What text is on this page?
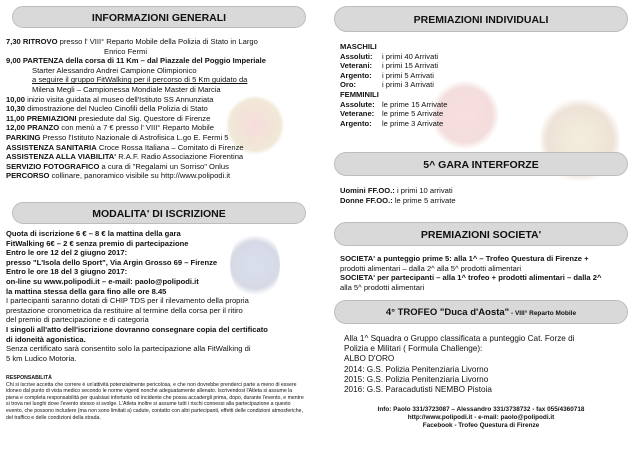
INFORMAZIONI GENERALI
7,30 RITROVO presso l' VIII° Reparto Mobile della Polizia di Stato in Largo
Enrico Fermi
9,00 PARTENZA della corsa di 11 Km – dal Piazzale del Poggio Imperiale
Starter Alessandro Andrei Campione Olimpionico
a seguire il gruppo FitWalking per il percorso di 5 Km guidato da
Milena Megli – Campionessa Mondiale Master di Marcia
10,00 inizio visita guidata al museo dell'Istituto SS Annunziata
10,30 dimostrazione del Nucleo Cinofili della Polizia di Stato
11,00 PREMIAZIONI presiedute dal Sig. Questore di Firenze
12,00 PRANZO con menù a 7 € presso l' VIII° Reparto Mobile
PARKING Presso l'Istituto Nazionale di Astrofisica L.go E. Fermi 5
ASSISTENZA SANITARIA Croce Rossa Italiana – Comitato di Firenze
ASSISTENZA ALLA VIABILITA' R.A.F. Radio Associazione Fiorentina
SERVIZIO FOTOGRAFICO a cura di "Regalami un Sorriso" Onlus
PERCORSO collinare, panoramico visibile su http://www.polipodi.it
MODALITA' DI ISCRIZIONE
Quota di iscrizione 6 € – 8 € la mattina della gara
FitWalking 6€ – 2 € senza premio di partecipazione
Entro le ore 12 del 2 giugno 2017:
presso "L'Isola dello Sport", Via Argin Grosso 69 – Firenze
Entro le ore 18 del 3 giugno 2017:
on-line su www.polipodi.it – e-mail: paolo@polipodi.it
la mattina stessa della gara fino alle ore 8.45
I partecipanti saranno dotati di CHIP TDS per il rilevamento della propria
prestazione cronometrica da restituire al termine della corsa per il ritiro
del premio di partecipazione e di categoria
I singoli all'atto dell'iscrizione dovranno consegnare copia del certificato
di idoneità agonistica.
Senza certificato sarà consentito solo la partecipazione alla FitWalking di
5 km Ludico Motoria.
RESPONSABILITÀ
Chi si iscrive accetta che correre è un'attività potenzialmente pericolosa, e che non dovrebbe prenderci parte a meno di essere idoneo dal punto di vista medico secondo le norme vigenti nonché adeguatamente allenato. Iscrivendosi l'Atleta si assume la piena e completa responsabilità per qualsiasi infortunio od incidente che possa accadergli prima, dopo, durante l'evento, e mentre si trova nei luoghi dove l'evento stesso si svolge. L'Atleta inoltre si assume tutti i rischi connessi alla partecipazione a questo evento, che possono includere (ma non sono limitati a) cadute, contatto con altri partecipanti, effetti delle condizioni atmosferiche, del traffico e delle condizioni della strada.
PREMIAZIONI INDIVIDUALI
MASCHILI
Assoluti: i primi 40 Arrivati
Veterani: i primi 15 Arrivati
Argento: i primi 5 Arrivati
Oro:	i primi 3 Arrivati
FEMMINILI
Assolute: le prime 15 Arrivate
Veterane: le prime 5 Arrivate
Argento: le prime 3 Arrivate
5^ GARA INTERFORZE
Uomini FF.OO.: i primi 10 arrivati
Donne FF.OO.: le prime 5 arrivate
PREMIAZIONI SOCIETA'
SOCIETA' a punteggio prime 5: alla 1^ – Trofeo Questura di Firenze +
prodotti alimentari – dalla 2^ alla 5^ prodotti alimentari
SOCIETA' per partecipanti – alla 1^ trofeo + prodotti alimentari – dalla 2^
alla 5^ prodotti alimentari
4° TROFEO "Duca d'Aosta" - VIII° Reparto Mobile
Alla 1^ Squadra o Gruppo classificata a punteggio Cat. Forze di
Polizia e Militari ( Formula Challenge):
ALBO D'ORO
2014: G.S. Polizia Penitenziaria Livorno
2015: G.S. Polizia Penitenziaria Livorno
2016: G.S. Paracadutisti NEMBO Pistoia
Info: Paolo 331/3723087 – Alessandro 331/3738732 - fax 055/4360718
http://www.polipodi.it - e-mail: paolo@polipodi.it
Facebook - Trofeo Questura di Firenze
